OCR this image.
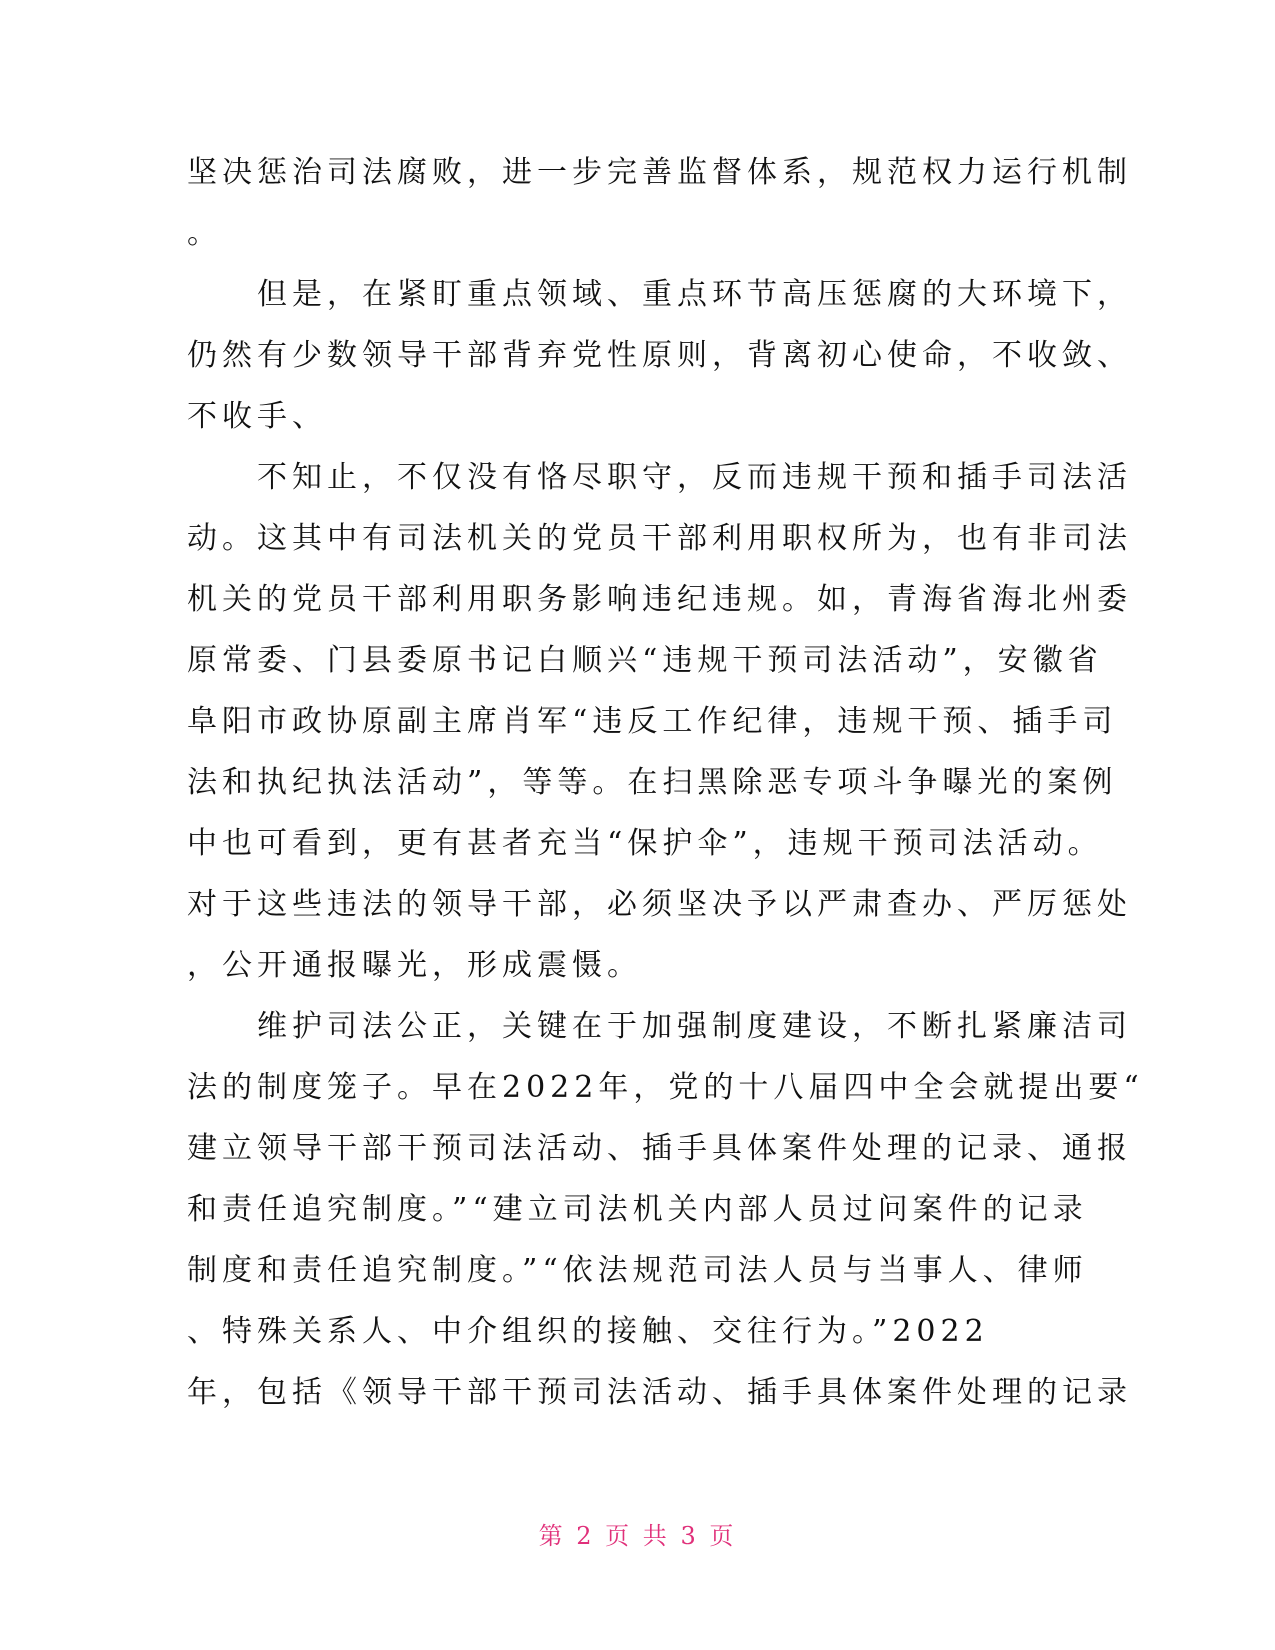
坚决惩治司法腐败，进一步完善监督体系，规范权力运行机制
。
　　但是，在紧盯重点领域、重点环节高压惩腐的大环境下，
仍然有少数领导干部背弃党性原则，背离初心使命，不收敛、
不收手、
　　不知止，不仅没有恪尽职守，反而违规干预和插手司法活
动。这其中有司法机关的党员干部利用职权所为，也有非司法
机关的党员干部利用职务影响违纪违规。如，青海省海北州委
原常委、门县委原书记白顺兴“违规干预司法活动”，安徽省
阜阳市政协原副主席肖军“违反工作纪律，违规干预、插手司
法和执纪执法活动”，等等。在扫黑除恶专项斗争曝光的案例
中也可看到，更有甚者充当“保护伞”，违规干预司法活动。
对于这些违法的领导干部，必须坚决予以严肃查办、严厉惩处
，公开通报曝光，形成震慑。
　　维护司法公正，关键在于加强制度建设，不断扎紧廉洁司
法的制度笼子。早在2022年，党的十八届四中全会就提出要“
建立领导干部干预司法活动、插手具体案件处理的记录、通报
和责任追究制度。”“建立司法机关内部人员过问案件的记录
制度和责任追究制度。”“依法规范司法人员与当事人、律师
、特殊关系人、中介组织的接触、交往行为。”2022
年，包括《领导干部干预司法活动、插手具体案件处理的记录
第 2 页 共 3 页
